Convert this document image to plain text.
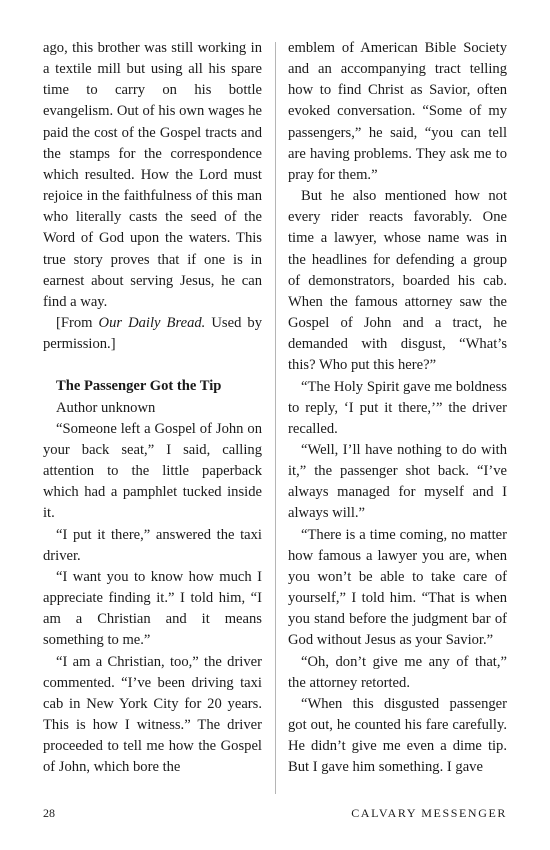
ago, this brother was still working in a textile mill but using all his spare time to carry on his bottle evangelism. Out of his own wages he paid the cost of the Gospel tracts and the stamps for the correspondence which resulted. How the Lord must rejoice in the faithfulness of this man who literally casts the seed of the Word of God upon the waters. This true story proves that if one is in earnest about serving Jesus, he can find a way.

[From Our Daily Bread. Used by permission.]

The Passenger Got the Tip

Author unknown

“Someone left a Gospel of John on your back seat,” I said, calling attention to the little paperback which had a pamphlet tucked inside it.

“I put it there,” answered the taxi driver.

“I want you to know how much I appreciate finding it.” I told him, “I am a Christian and it means something to me.”

“I am a Christian, too,” the driver commented. “I’ve been driving taxi cab in New York City for 20 years. This is how I witness.” The driver proceeded to tell me how the Gospel of John, which bore the

emblem of American Bible Society and an accompanying tract telling how to find Christ as Savior, often evoked conversation. “Some of my passengers,” he said, “you can tell are having problems. They ask me to pray for them.”

But he also mentioned how not every rider reacts favorably. One time a lawyer, whose name was in the headlines for defending a group of demonstrators, boarded his cab. When the famous attorney saw the Gospel of John and a tract, he demanded with disgust, “What’s this? Who put this here?”

“The Holy Spirit gave me boldness to reply, ‘I put it there,’” the driver recalled.

“Well, I’ll have nothing to do with it,” the passenger shot back. “I’ve always managed for myself and I always will.”

“There is a time coming, no matter how famous a lawyer you are, when you won’t be able to take care of yourself,” I told him. “That is when you stand before the judgment bar of God without Jesus as your Savior.”

“Oh, don’t give me any of that,” the attorney retorted.

“When this disgusted passenger got out, he counted his fare carefully. He didn’t give me even a dime tip. But I gave him something. I gave

28	CALVARY MESSENGER
